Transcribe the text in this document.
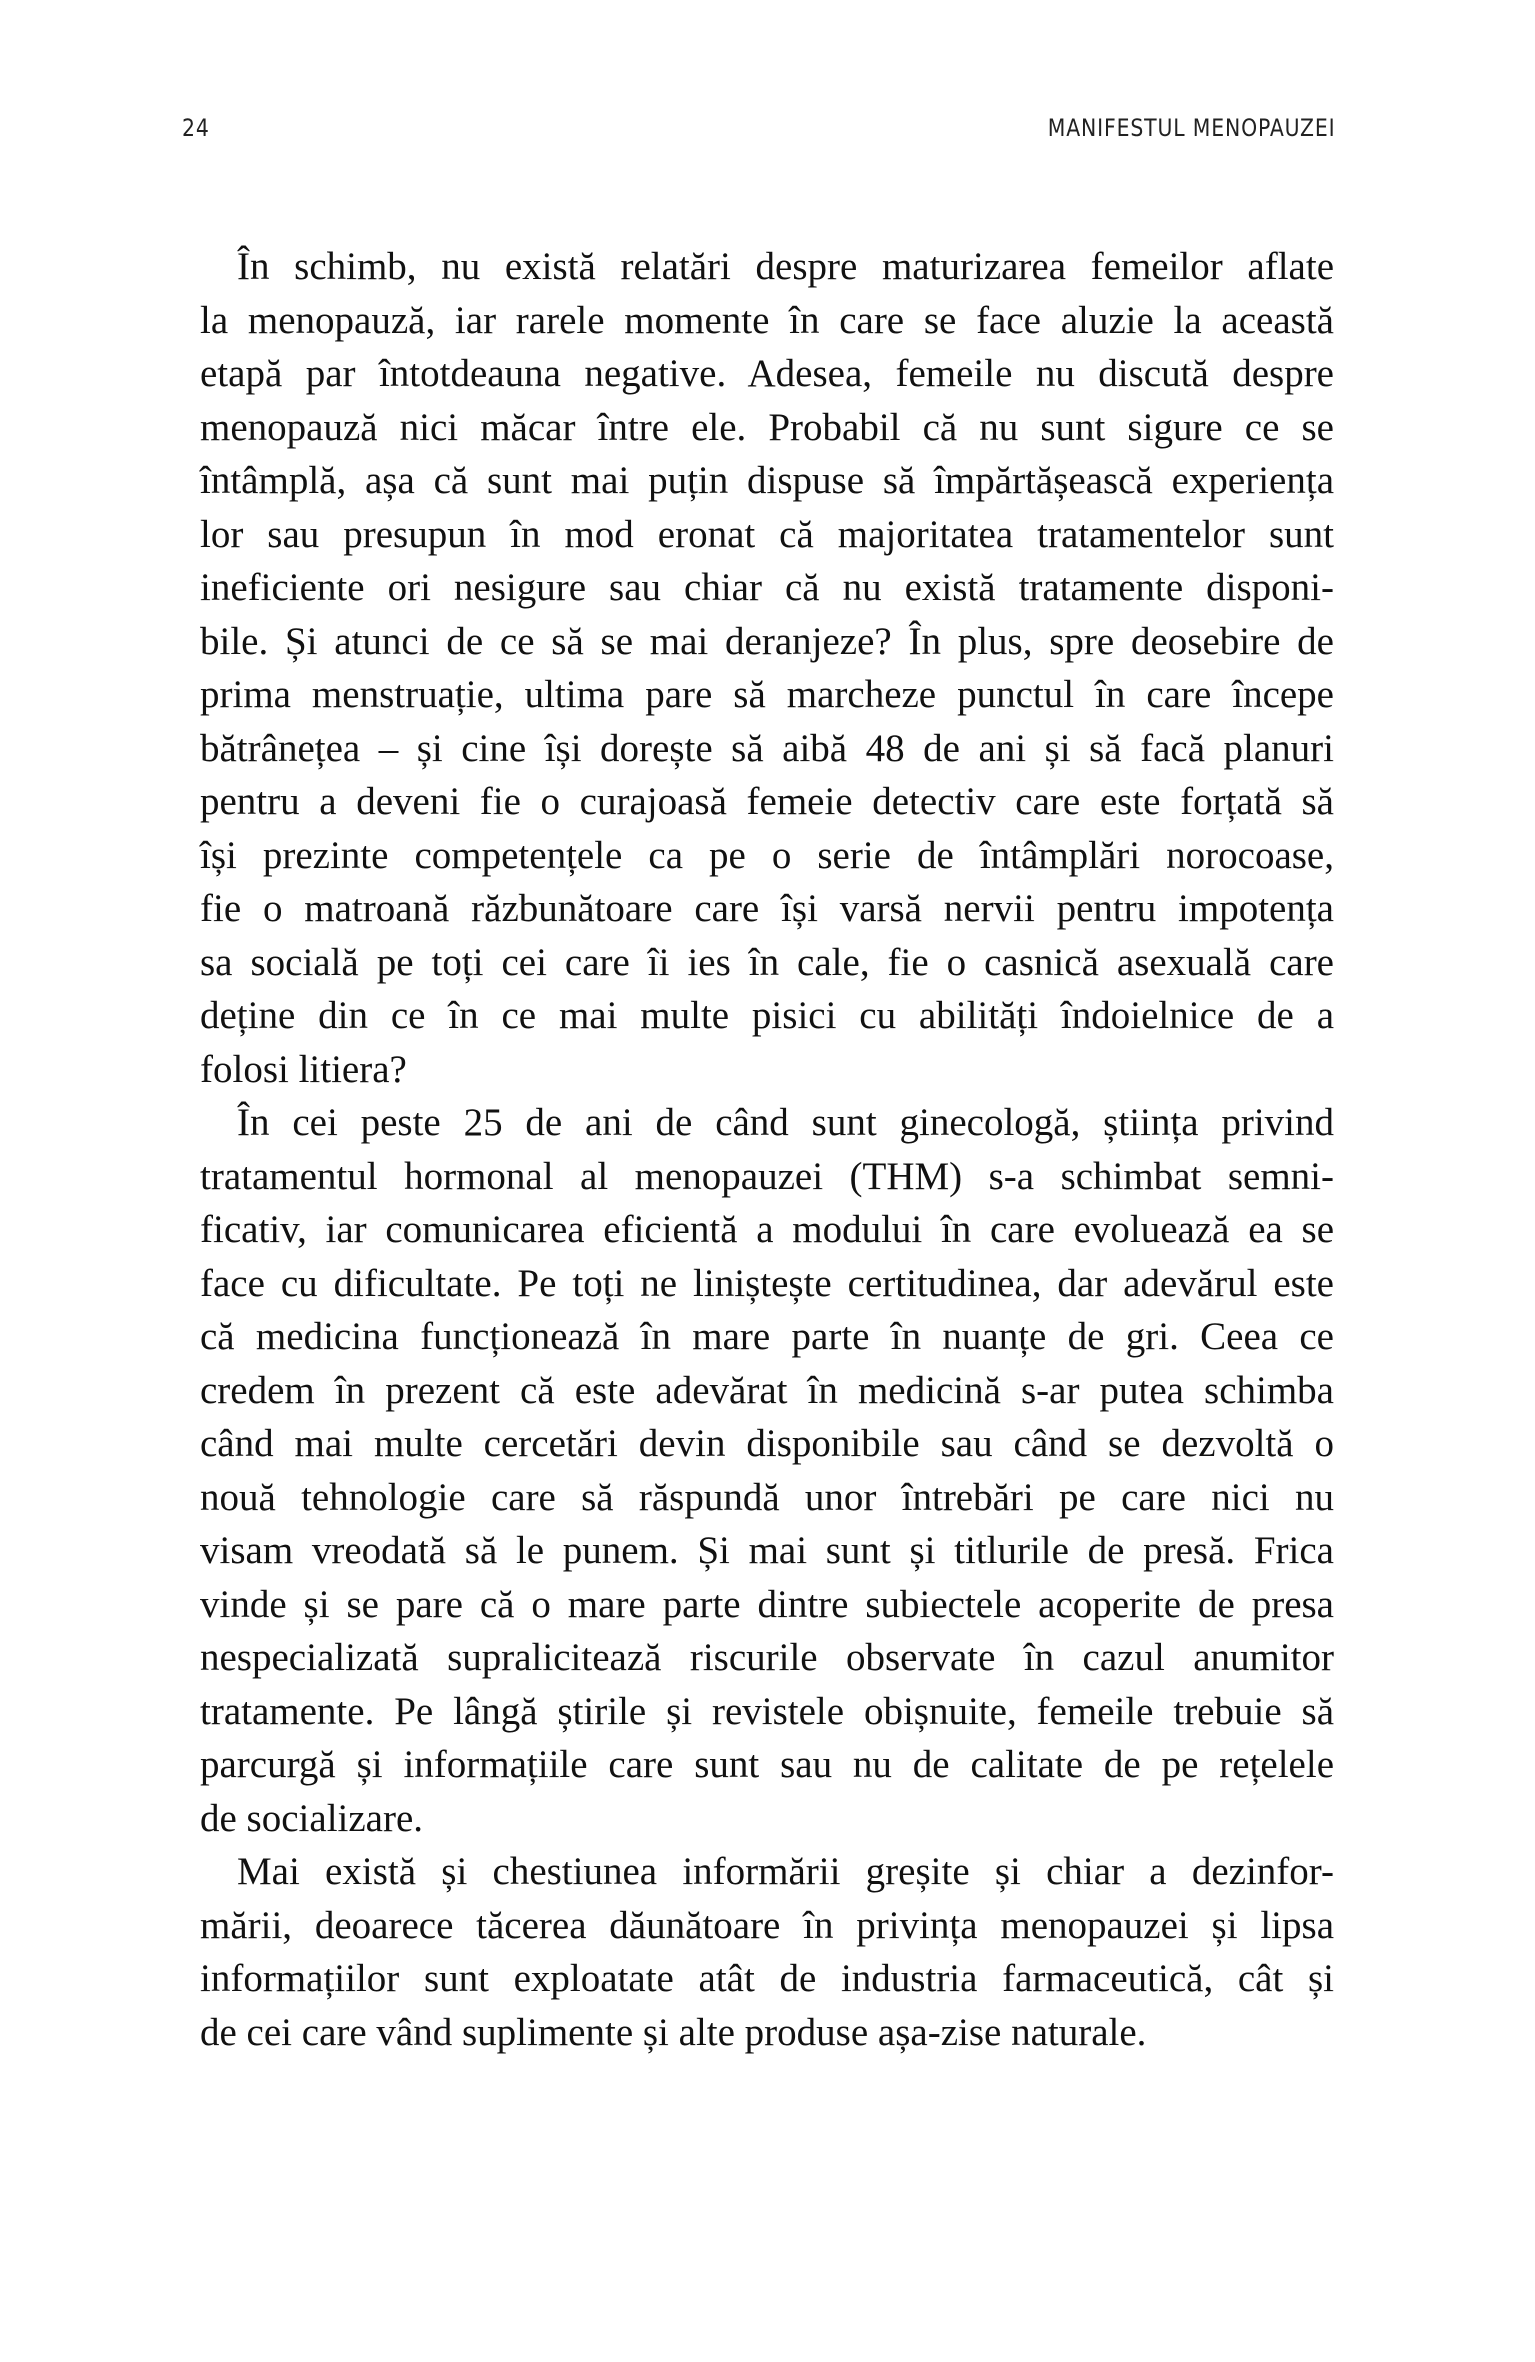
24	MANIFESTUL MENOPAUZEI
În schimb, nu există relatări despre maturizarea femeilor aflate
la menopauză, iar rarele momente în care se face aluzie la această
etapă par întotdeauna negative. Adesea, femeile nu discută despre
menopauză nici măcar între ele. Probabil că nu sunt sigure ce se
întâmplă, așa că sunt mai puțin dispuse să împărtășească experiența
lor sau presupun în mod eronat că majoritatea tratamentelor sunt
ineficiente ori nesigure sau chiar că nu există tratamente disponi-
bile. Și atunci de ce să se mai deranjeze? În plus, spre deosebire de
prima menstruație, ultima pare să marcheze punctul în care începe
bătrânețea – și cine își dorește să aibă 48 de ani și să facă planuri
pentru a deveni fie o curajoasă femeie detectiv care este forțată să
își prezinte competențele ca pe o serie de întâmplări norocoase,
fie o matroană răzbunătoare care își varsă nervii pentru impotența
sa socială pe toți cei care îi ies în cale, fie o casnică asexuală care
deține din ce în ce mai multe pisici cu abilități îndoielnice de a
folosi litiera?
În cei peste 25 de ani de când sunt ginecologă, știința privind
tratamentul hormonal al menopauzei (THM) s-a schimbat semni-
ficativ, iar comunicarea eficientă a modului în care evoluează ea se
face cu dificultate. Pe toți ne liniștește certitudinea, dar adevărul este
că medicina funcționează în mare parte în nuanțe de gri. Ceea ce
credem în prezent că este adevărat în medicină s-ar putea schimba
când mai multe cercetări devin disponibile sau când se dezvoltă o
nouă tehnologie care să răspundă unor întrebări pe care nici nu
visam vreodată să le punem. Și mai sunt și titlurile de presă. Frica
vinde și se pare că o mare parte dintre subiectele acoperite de presa
nespecializată supralicitează riscurile observate în cazul anumitor
tratamente. Pe lângă știrile și revistele obișnuite, femeile trebuie să
parcurgă și informațiile care sunt sau nu de calitate de pe rețelele
de socializare.
Mai există și chestiunea informării greșite și chiar a dezinfor-
mării, deoarece tăcerea dăunătoare în privința menopauzei și lipsa
informațiilor sunt exploatate atât de industria farmaceutică, cât și
de cei care vând suplimente și alte produse așa-zise naturale.
